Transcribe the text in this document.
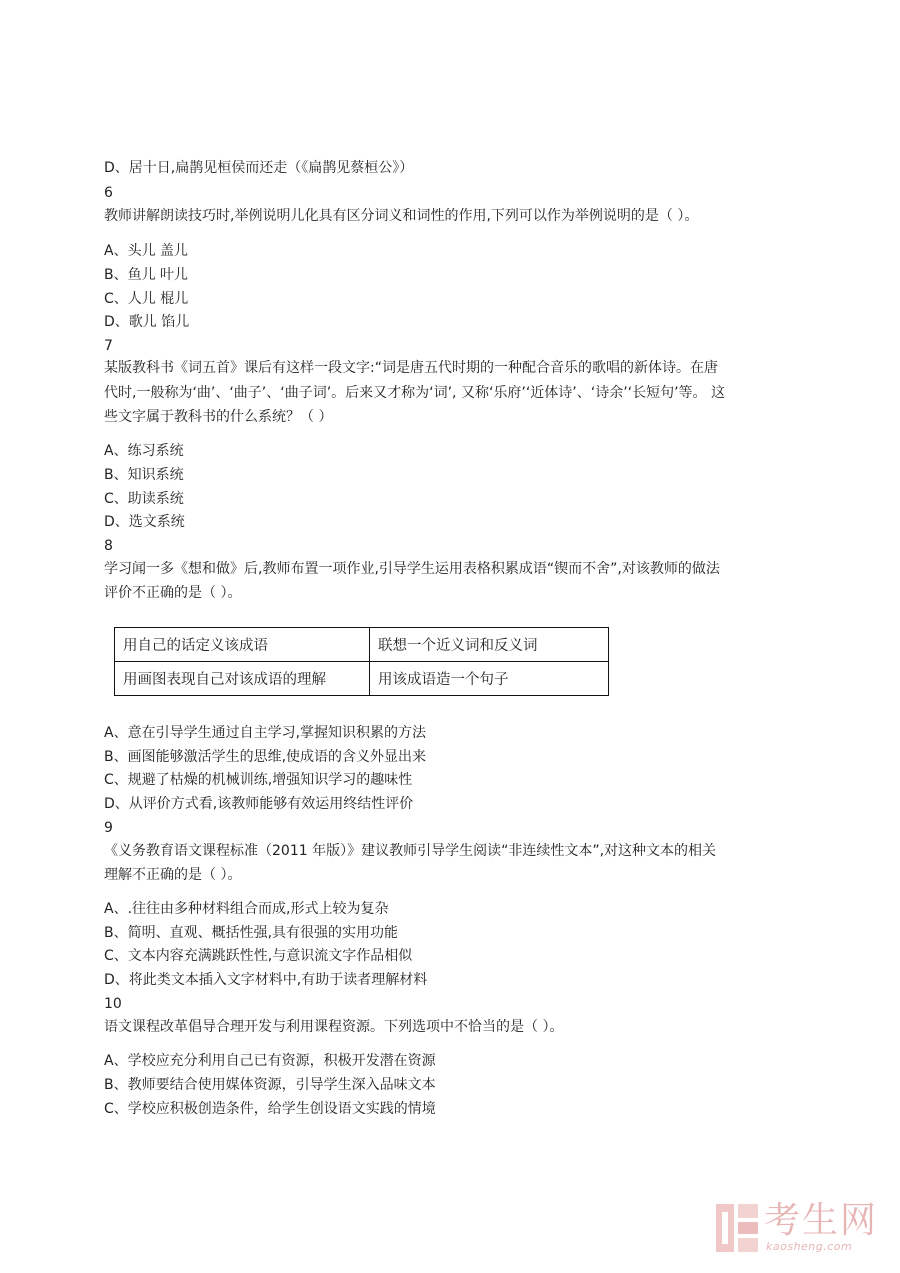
D、居十日,扁鹊见桓侯而还走（《扁鹊见蔡桓公》）
6
教师讲解朗读技巧时,举例说明儿化具有区分词义和词性的作用,下列可以作为举例说明的是（ ）。
A、头儿 盖儿
B、鱼儿 叶儿
C、人儿 棍儿
D、歌儿 馅儿
7
某版教科书《词五首》课后有这样一段文字:“词是唐五代时期的一种配合音乐的歌唱的新体诗。在唐
代时,一般称为‘曲’、‘曲子’、‘曲子词’。后来又才称为‘词’, 又称‘乐府’‘近体诗’、‘诗余’‘长短句’等。 这
些文字属于教科书的什么系统？（ ）
A、练习系统
B、知识系统
C、助读系统
D、选文系统
8
学习闻一多《想和做》后,教师布置一项作业,引导学生运用表格积累成语“锲而不舍”,对该教师的做法
评价不正确的是（ ）。
用自己的话定义该成语	联想一个近义词和反义词
用画图表现自己对该成语的理解	用该成语造一个句子
A、意在引导学生通过自主学习,掌握知识积累的方法
B、画图能够激活学生的思维,使成语的含义外显出来
C、规避了枯燥的机械训练,增强知识学习的趣味性
D、从评价方式看,该教师能够有效运用终结性评价
9
《义务教育语文课程标准（2011 年版）》建议教师引导学生阅读“非连续性文本”,对这种文本的相关
理解不正确的是（ ）。
A、.往往由多种材料组合而成,形式上较为复杂
B、简明、直观、概括性强,具有很强的实用功能
C、文本内容充满跳跃性性,与意识流文字作品相似
D、将此类文本插入文字材料中,有助于读者理解材料
10
语文课程改革倡导合理开发与利用课程资源。下列选项中不恰当的是（ ）。
A、学校应充分利用自己已有资源，积极开发潜在资源
B、教师要结合使用媒体资源，引导学生深入品味文本
C、学校应积极创造条件，给学生创设语文实践的情境
考生网
kaosheng.com
